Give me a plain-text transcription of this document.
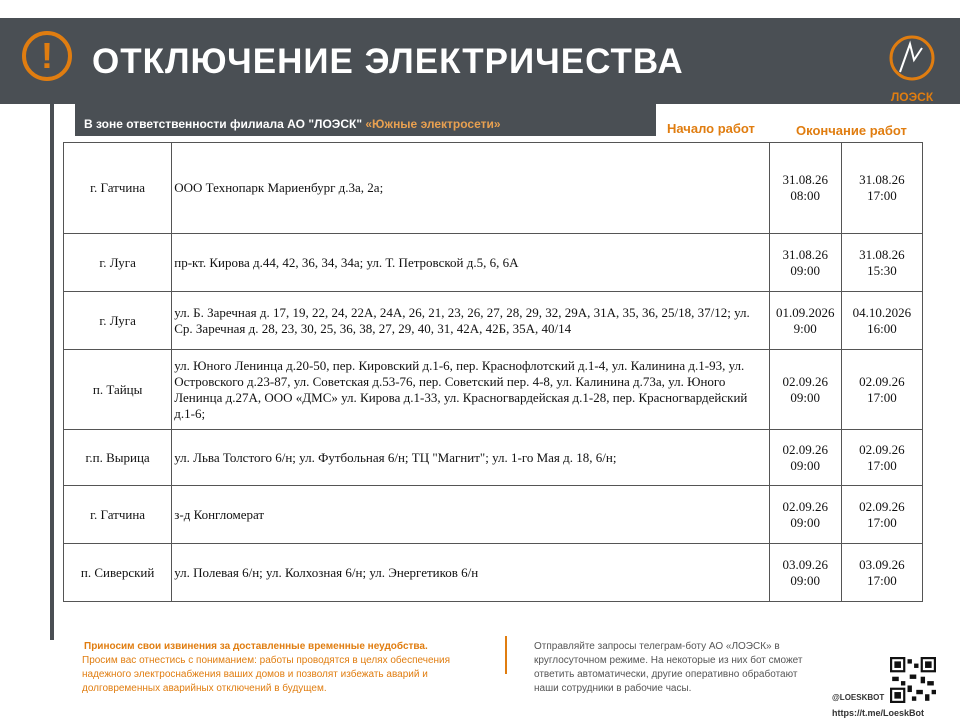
!	ОТКЛЮЧЕНИЕ ЭЛЕКТРИЧЕСТВА
ЛОЭСК
В зоне ответственности филиала АО "ЛОЭСК" «Южные электросети»	Начало работ	Окончание работ
г. Гатчина	ООО Технопарк Мариенбург д.3а, 2а;	31.08.26 08:00	31.08.26 17:00
г. Луга	пр-кт. Кирова д.44, 42, 36, 34, 34а; ул. Т. Петровской д.5, 6, 6А	31.08.26 09:00	31.08.26 15:30
г. Луга	ул. Б. Заречная д. 17, 19, 22, 24, 22А, 24А, 26, 21, 23, 26, 27, 28, 29, 32, 29А, 31А, 35, 36, 25/18, 37/12; ул. Ср. Заречная д. 28, 23, 30, 25, 36, 38, 27, 29, 40, 31, 42А, 42Б, 35А, 40/14	01.09.2026 9:00	04.10.2026 16:00
п. Тайцы	ул. Юного Ленинца д.20-50, пер. Кировский д.1-6, пер. Краснофлотский д.1-4, ул. Калинина д.1-93, ул. Островского д.23-87, ул. Советская д.53-76, пер. Советский пер. 4-8, ул. Калинина д.73а, ул. Юного Ленинца д.27А, ООО «ДМС» ул. Кирова д.1-33, ул. Красногвардейская д.1-28, пер. Красногвардейский д.1-6;	02.09.26 09:00	02.09.26 17:00
г.п. Вырица	ул. Льва Толстого 6/н; ул. Футбольная 6/н; ТЦ "Магнит"; ул. 1-го Мая д. 18, 6/н;	02.09.26 09:00	02.09.26 17:00
г. Гатчина	з-д Конгломерат	02.09.26 09:00	02.09.26 17:00
п. Сиверский	ул. Полевая 6/н; ул. Колхозная 6/н; ул. Энергетиков 6/н	03.09.26 09:00	03.09.26 17:00
Приносим свои извинения за доставленные временные неудобства.
Просим вас отнестись с пониманием: работы проводятся в целях обеспечения надежного электроснабжения ваших домов и позволят избежать аварий и долговременных аварийных отключений в будущем.
Отправляйте запросы телеграм-боту АО «ЛОЭСК» в круглосуточном режиме. На некоторые из них бот сможет ответить автоматически, другие оперативно обработают наши сотрудники в рабочие часы.
@LOESKBOT
https://t.me/LoeskBot
